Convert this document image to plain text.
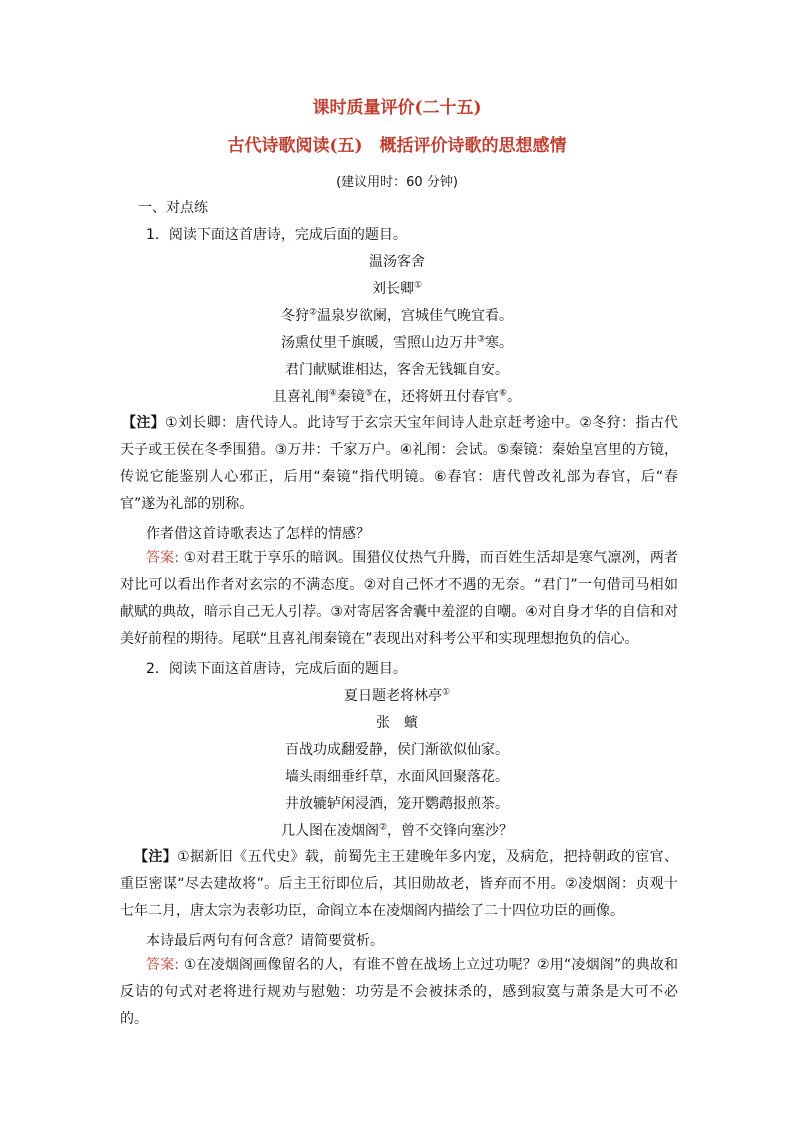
课时质量评价(二十五)
古代诗歌阅读(五)　概括评价诗歌的思想感情
(建议用时：60 分钟)
一、对点练
1．阅读下面这首唐诗，完成后面的题目。
温汤客舍
刘长卿①
冬狩②温泉岁欲阑，宫城佳气晚宜看。
汤熏仗里千旗暖，雪照山边万井③寒。
君门献赋谁相达，客舍无钱辄自安。
且喜礼闱④秦镜⑤在，还将妍丑付春官⑥。
【注】①刘长卿：唐代诗人。此诗写于玄宗天宝年间诗人赴京赶考途中。②冬狩：指古代天子或王侯在冬季围猎。③万井：千家万户。④礼闱：会试。⑤秦镜：秦始皇宫里的方镜，传说它能鉴别人心邪正，后用“秦镜”指代明镜。⑥春官：唐代曾改礼部为春官，后“春官”遂为礼部的别称。
作者借这首诗歌表达了怎样的情感？
答案: ①对君王耽于享乐的暗讽。围猎仪仗热气升腾，而百姓生活却是寒气凛冽，两者对比可以看出作者对玄宗的不满态度。②对自己怀才不遇的无奈。“君门”一句借司马相如献赋的典故，暗示自己无人引荐。③对寄居客舍囊中羞涩的自嘲。④对自身才华的自信和对美好前程的期待。尾联“且喜礼闱秦镜在”表现出对科考公平和实现理想抱负的信心。
2．阅读下面这首唐诗，完成后面的题目。
夏日题老将林亭①
张　蠙
百战功成翻爱静，侯门渐欲似仙家。
墙头雨细垂纤草，水面风回聚落花。
井放辘轳闲浸酒，笼开鹦鹉报煎茶。
几人图在凌烟阁②，曾不交锋向塞沙？
【注】①据新旧《五代史》载，前蜀先主王建晚年多内宠，及病危，把持朝政的宦官、重臣密谋“尽去建故将”。后主王衍即位后，其旧勋故老，皆弃而不用。②凌烟阁：贞观十七年二月，唐太宗为表彰功臣，命阎立本在凌烟阁内描绘了二十四位功臣的画像。
本诗最后两句有何含意？请简要赏析。
答案: ①在凌烟阁画像留名的人，有谁不曾在战场上立过功呢？②用“凌烟阁”的典故和反诘的句式对老将进行规劝与慰勉：功劳是不会被抹杀的，感到寂寞与萧条是大可不必的。
